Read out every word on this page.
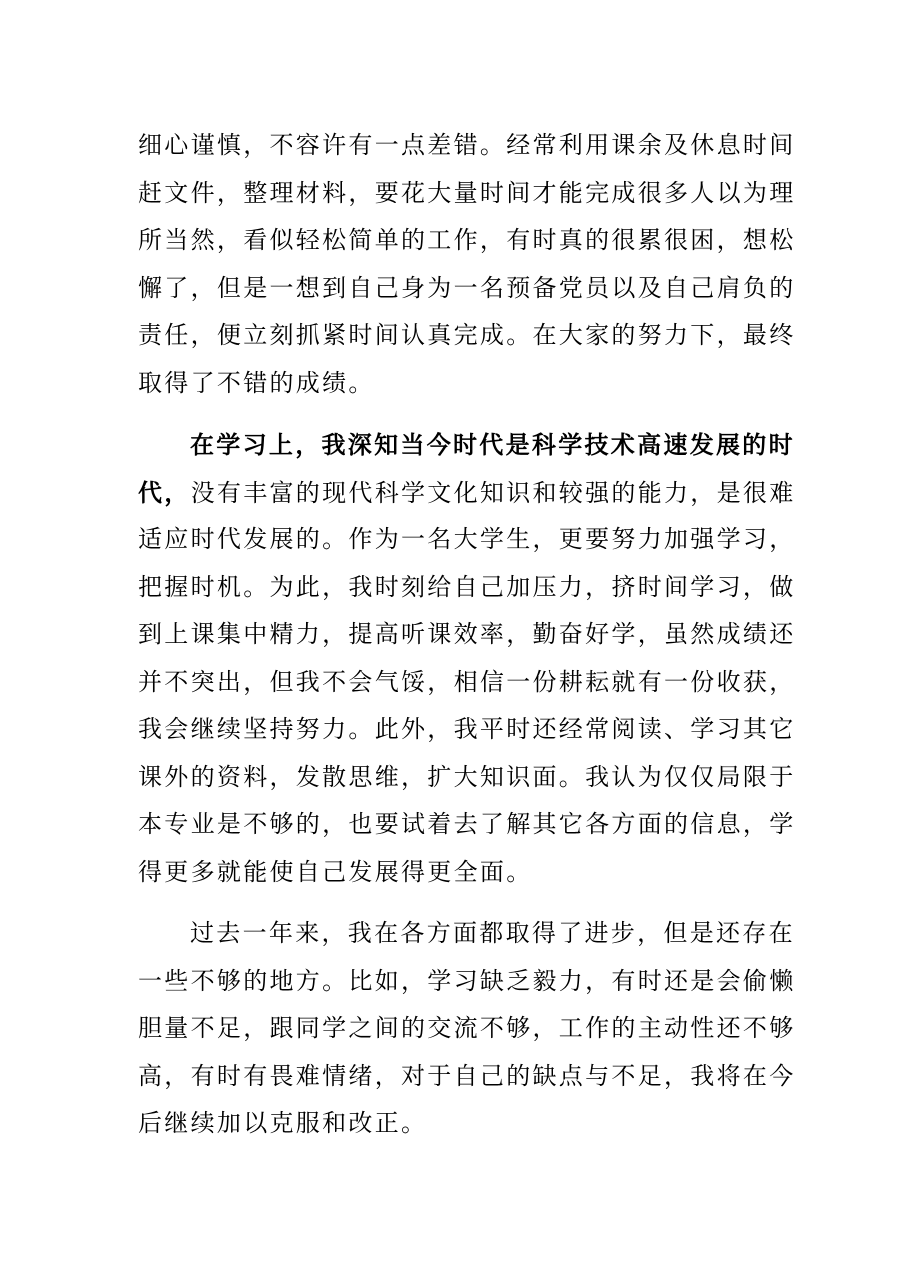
细心谨慎，不容许有一点差错。经常利用课余及休息时间
赶文件，整理材料，要花大量时间才能完成很多人以为理
所当然，看似轻松简单的工作，有时真的很累很困，想松
懈了，但是一想到自己身为一名预备党员以及自己肩负的
责任，便立刻抓紧时间认真完成。在大家的努力下，最终
取得了不错的成绩。
在学习上，我深知当今时代是科学技术高速发展的时
代，没有丰富的现代科学文化知识和较强的能力，是很难
适应时代发展的。作为一名大学生，更要努力加强学习，
把握时机。为此，我时刻给自己加压力，挤时间学习，做
到上课集中精力，提高听课效率，勤奋好学，虽然成绩还
并不突出，但我不会气馁，相信一份耕耘就有一份收获，
我会继续坚持努力。此外，我平时还经常阅读、学习其它
课外的资料，发散思维，扩大知识面。我认为仅仅局限于
本专业是不够的，也要试着去了解其它各方面的信息，学
得更多就能使自己发展得更全面。
过去一年来，我在各方面都取得了进步，但是还存在
一些不够的地方。比如，学习缺乏毅力，有时还是会偷懒
胆量不足，跟同学之间的交流不够，工作的主动性还不够
高，有时有畏难情绪，对于自己的缺点与不足，我将在今
后继续加以克服和改正。
